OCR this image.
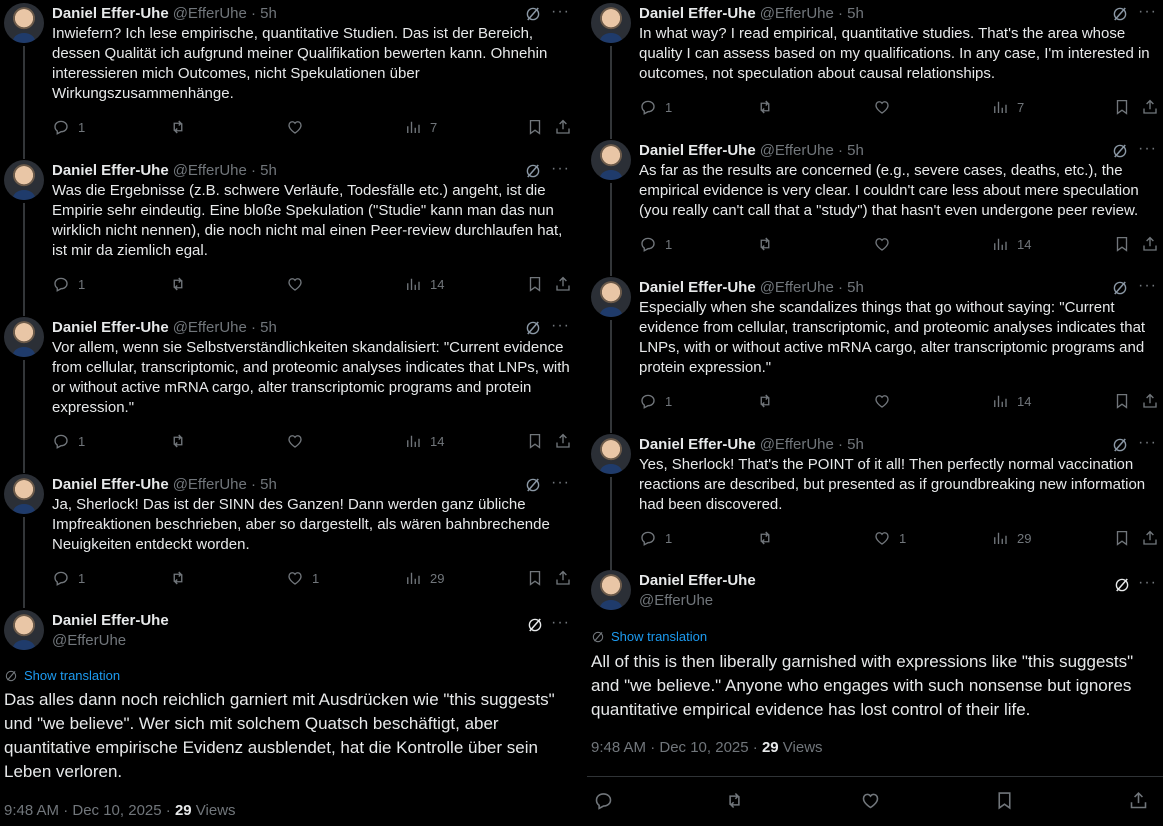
Daniel Effer-Uhe @EfferUhe · 5h	···
Inwiefern? Ich lese empirische, quantitative Studien. Das ist der Bereich, dessen Qualität ich aufgrund meiner Qualifikation bewerten kann. Ohnehin interessieren mich Outcomes, nicht Spekulationen über Wirkungszusammenhänge.
1	7
Daniel Effer-Uhe @EfferUhe · 5h	···
Was die Ergebnisse (z.B. schwere Verläufe, Todesfälle etc.) angeht, ist die Empirie sehr eindeutig. Eine bloße Spekulation ("Studie" kann man das nun wirklich nicht nennen), die noch nicht mal einen Peer-review durchlaufen hat, ist mir da ziemlich egal.
1	14
Daniel Effer-Uhe @EfferUhe · 5h	···
Vor allem, wenn sie Selbstverständlichkeiten skandalisiert: "Current evidence from cellular, transcriptomic, and proteomic analyses indicates that LNPs, with or without active mRNA cargo, alter transcriptomic programs and protein expression."
1	14
Daniel Effer-Uhe @EfferUhe · 5h	···
Ja, Sherlock! Das ist der SINN des Ganzen! Dann werden ganz übliche Impfreaktionen beschrieben, aber so dargestellt, als wären bahnbrechende Neuigkeiten entdeckt worden.
1	1	29
Daniel Effer-Uhe
@EfferUhe
···
Show translation
Das alles dann noch reichlich garniert mit Ausdrücken wie "this suggests" und "we believe". Wer sich mit solchem Quatsch beschäftigt, aber quantitative empirische Evidenz ausblendet, hat die Kontrolle über sein Leben verloren.
9:48 AM · Dec 10, 2025 · 29 Views
Daniel Effer-Uhe @EfferUhe · 5h	···
In what way? I read empirical, quantitative studies. That's the area whose quality I can assess based on my qualifications. In any case, I'm interested in outcomes, not speculation about causal relationships.
1	7
Daniel Effer-Uhe @EfferUhe · 5h	···
As far as the results are concerned (e.g., severe cases, deaths, etc.), the empirical evidence is very clear. I couldn't care less about mere speculation (you really can't call that a "study") that hasn't even undergone peer review.
1	14
Daniel Effer-Uhe @EfferUhe · 5h	···
Especially when she scandalizes things that go without saying: "Current evidence from cellular, transcriptomic, and proteomic analyses indicates that LNPs, with or without active mRNA cargo, alter transcriptomic programs and protein expression."
1	14
Daniel Effer-Uhe @EfferUhe · 5h	···
Yes, Sherlock! That's the POINT of it all! Then perfectly normal vaccination reactions are described, but presented as if groundbreaking new information had been discovered.
1	1	29
Daniel Effer-Uhe
@EfferUhe
···
Show translation
All of this is then liberally garnished with expressions like "this suggests" and "we believe." Anyone who engages with such nonsense but ignores quantitative empirical evidence has lost control of their life.
9:48 AM · Dec 10, 2025 · 29 Views
